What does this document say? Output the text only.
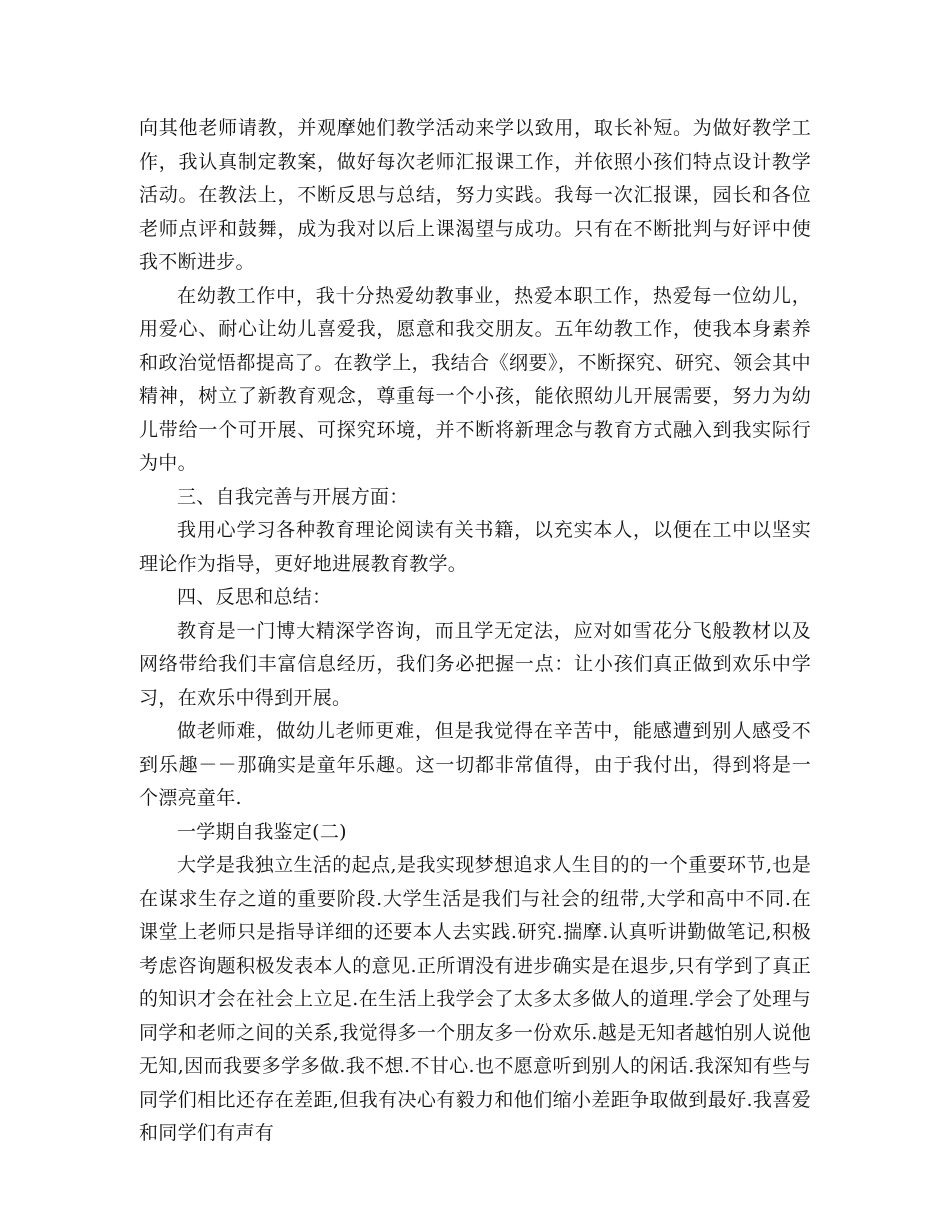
向其他老师请教，并观摩她们教学活动来学以致用，取长补短。为做好教学工作，我认真制定教案，做好每次老师汇报课工作，并依照小孩们特点设计教学活动。在教法上，不断反思与总结，努力实践。我每一次汇报课，园长和各位老师点评和鼓舞，成为我对以后上课渴望与成功。只有在不断批判与好评中使我不断进步。

在幼教工作中，我十分热爱幼教事业，热爱本职工作，热爱每一位幼儿，用爱心、耐心让幼儿喜爱我，愿意和我交朋友。五年幼教工作，使我本身素养和政治觉悟都提高了。在教学上，我结合《纲要》，不断探究、研究、领会其中精神，树立了新教育观念，尊重每一个小孩，能依照幼儿开展需要，努力为幼儿带给一个可开展、可探究环境，并不断将新理念与教育方式融入到我实际行为中。

三、自我完善与开展方面：

我用心学习各种教育理论阅读有关书籍，以充实本人，以便在工中以坚实理论作为指导，更好地进展教育教学。

四、反思和总结：

教育是一门博大精深学咨询，而且学无定法，应对如雪花分飞般教材以及网络带给我们丰富信息经历，我们务必把握一点：让小孩们真正做到欢乐中学习，在欢乐中得到开展。

做老师难，做幼儿老师更难，但是我觉得在辛苦中，能感遭到别人感受不到乐趣－－那确实是童年乐趣。这一切都非常值得，由于我付出，得到将是一个漂亮童年.

一学期自我鉴定(二)

大学是我独立生活的起点,是我实现梦想追求人生目的的一个重要环节,也是在谋求生存之道的重要阶段.大学生活是我们与社会的纽带,大学和高中不同.在课堂上老师只是指导详细的还要本人去实践.研究.揣摩.认真听讲勤做笔记,积极考虑咨询题积极发表本人的意见.正所谓没有进步确实是在退步,只有学到了真正的知识才会在社会上立足.在生活上我学会了太多太多做人的道理.学会了处理与同学和老师之间的关系,我觉得多一个朋友多一份欢乐.越是无知者越怕别人说他无知,因而我要多学多做.我不想.不甘心.也不愿意听到别人的闲话.我深知有些与同学们相比还存在差距,但我有决心有毅力和他们缩小差距争取做到最好.我喜爱和同学们有声有
